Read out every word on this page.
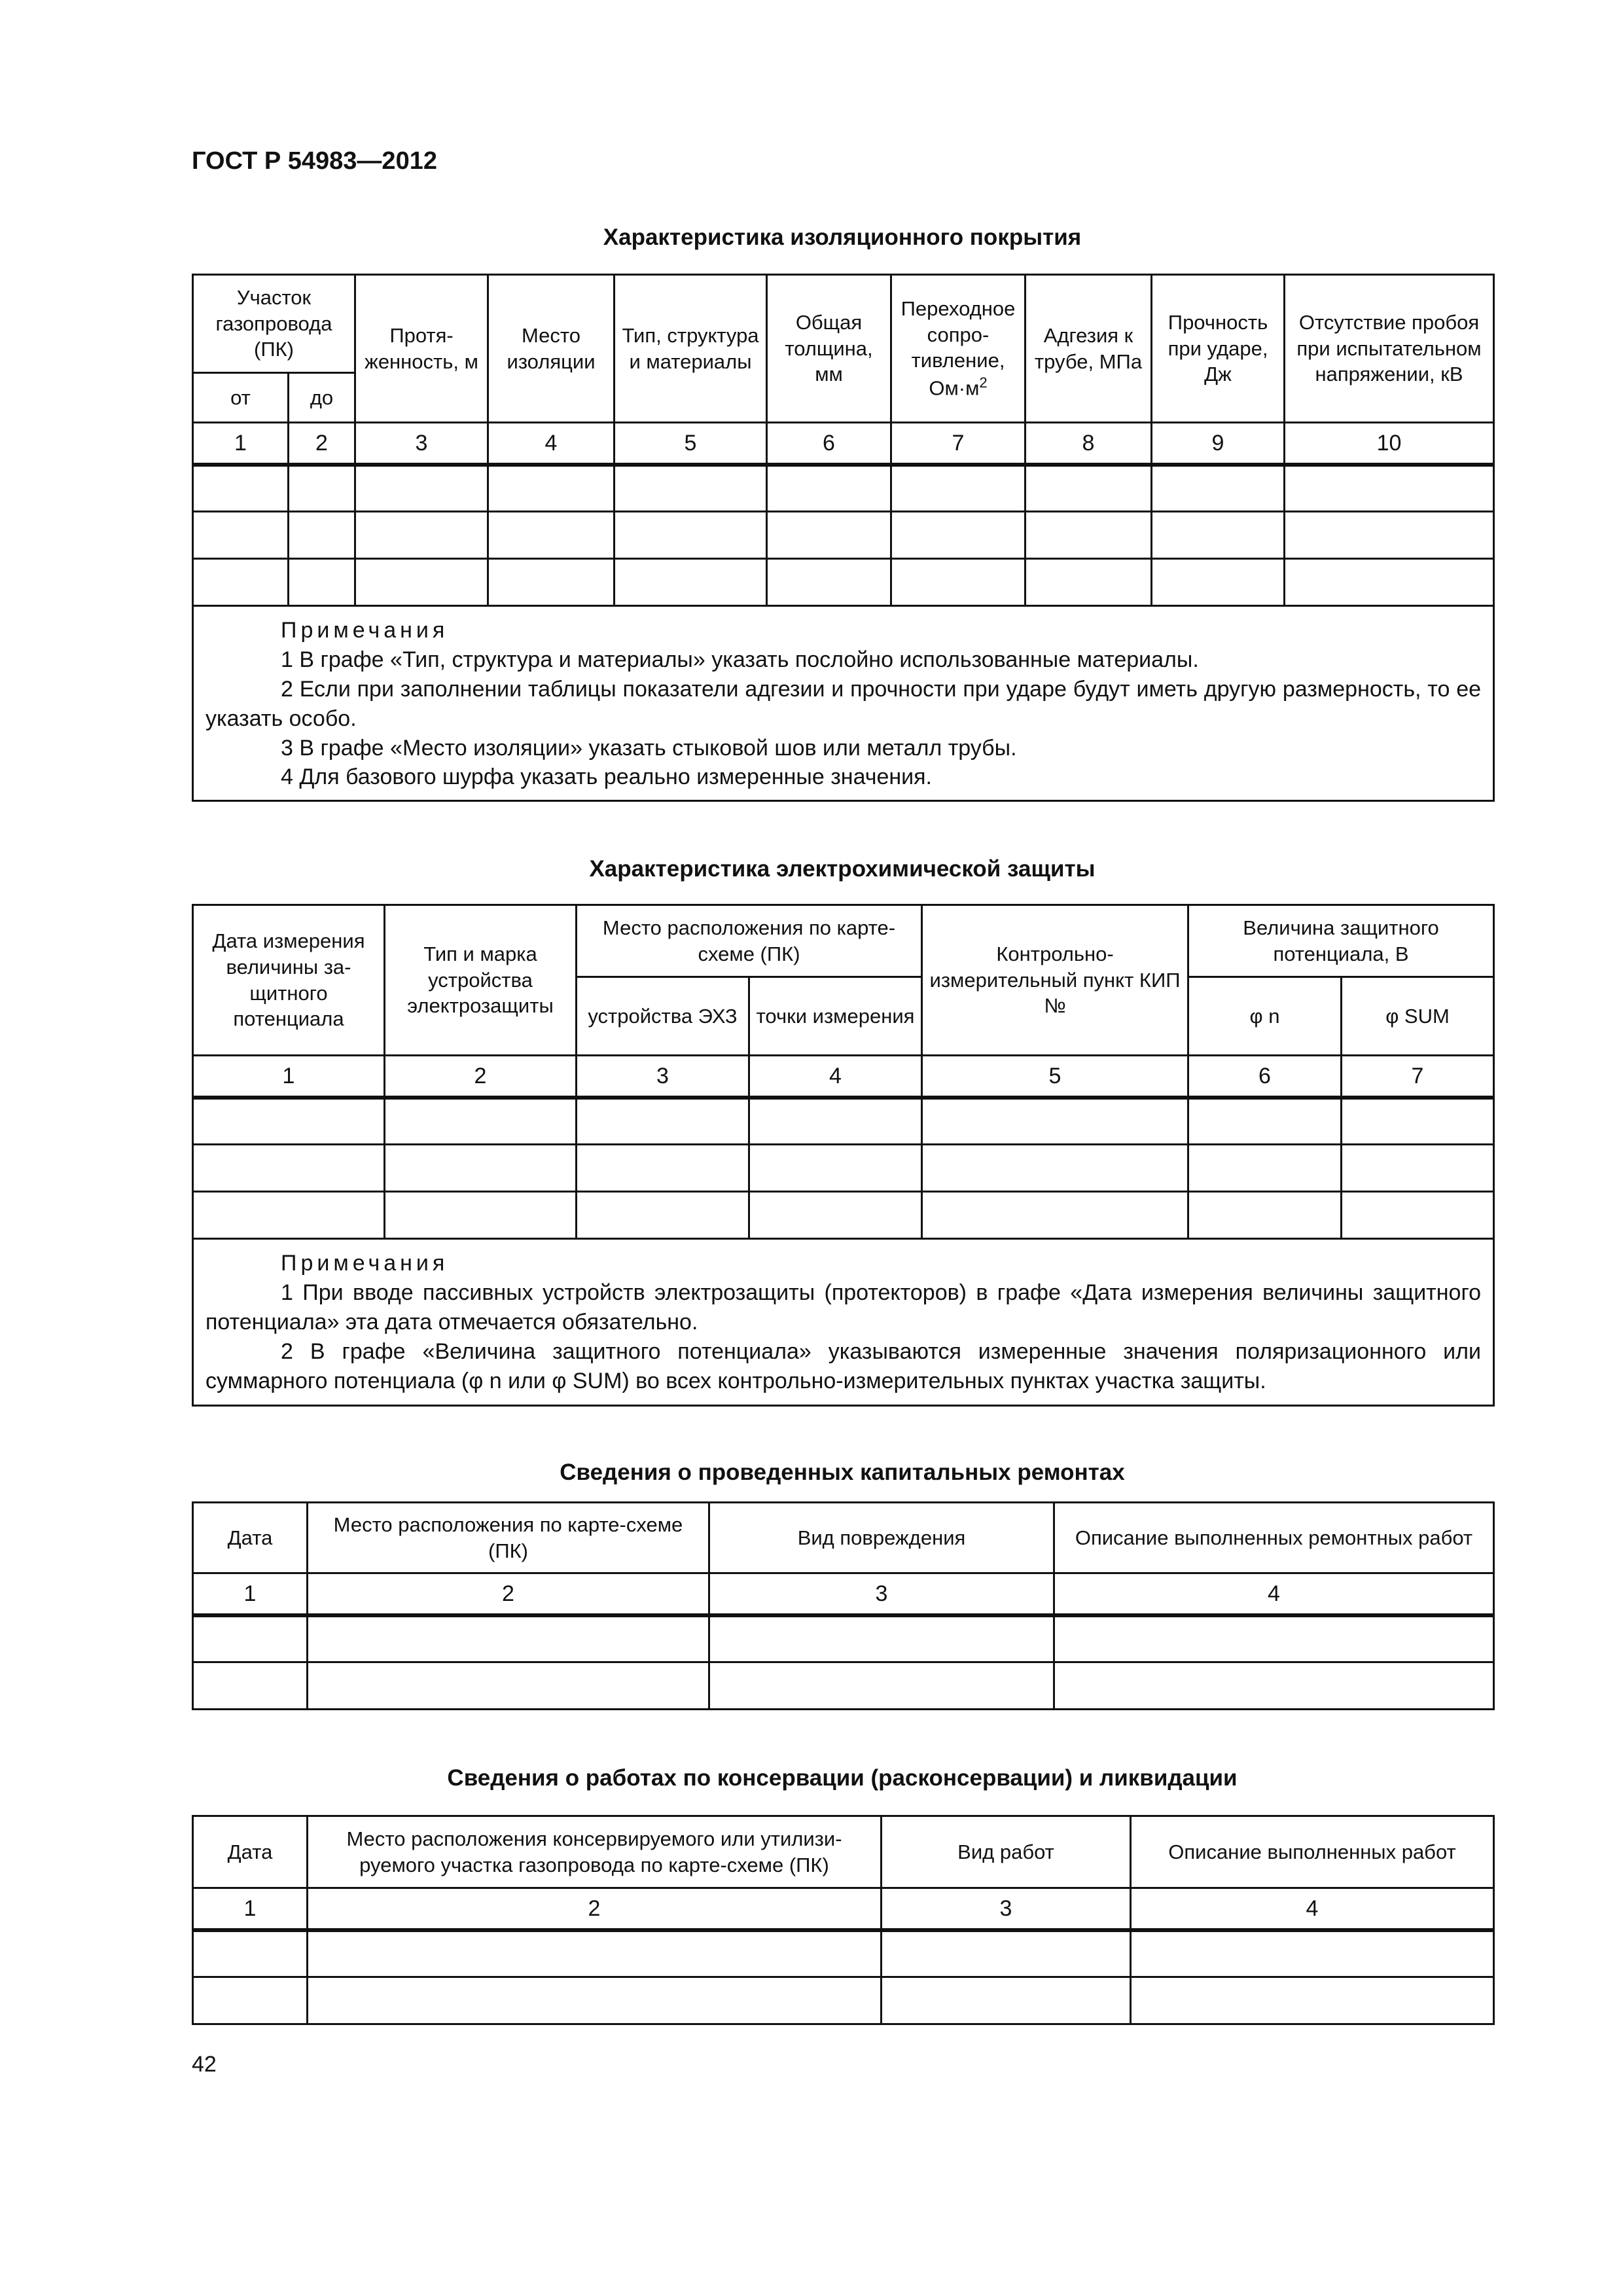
ГОСТ Р 54983—2012
Характеристика изоляционного покрытия
Участок газопровода (ПК)		Протяженность, м	Место изоляции	Тип, структура и материалы	Общая толщина, мм	Переходное сопротивление, $Ом\cdot м^2$	Адгезия к трубе, МПа	Прочность при ударе, Дж	Отсутствие пробоя при испытательном напряжении, кВ
от	до								
1	2	3	4	5	6	7	8	9	10

Примечания
1 В графе «Тип, структура и материалы» указать послойно использованные материалы.
2 Если при заполнении таблицы показатели адгезии и прочности при ударе будут иметь другую размерность, то ее указать особо.
3 В графе «Место изоляции» указать стыковой шов или металл трубы.
4 Для базового шурфа указать реально измеренные значения.									
Характеристика электрохимической защиты
Дата измерения величины защитного потенциала	Тип и марка устройства электрозащиты	Место расположения по карте-схеме (ПК)		Контрольно-измерительный пункт КИП №	Величина защитного потенциала, В	
		устройства ЭХЗ	точки измерения		φ n	φ SUM
1	2	3	4	5	6	7

Примечания
1 При вводе пассивных устройств электрозащиты (протекторов) в графе «Дата измерения величины защитного потенциала» эта дата отмечается обязательно.
2 В графе «Величина защитного потенциала» указываются измеренные значения поляризационного или суммарного потенциала (φ n или φ SUM) во всех контрольно-измерительных пунктах участка защиты.						
Сведения о проведенных капитальных ремонтах
Дата	Место расположения по карте-схеме (ПК)	Вид повреждения	Описание выполненных ремонтных работ
1	2	3	4

Сведения о работах по консервации (расконсервации) и ликвидации
Дата	Место расположения консервируемого или утилизируемого участка газопровода по карте-схеме (ПК)	Вид работ	Описание выполненных работ
1	2	3	4

42
